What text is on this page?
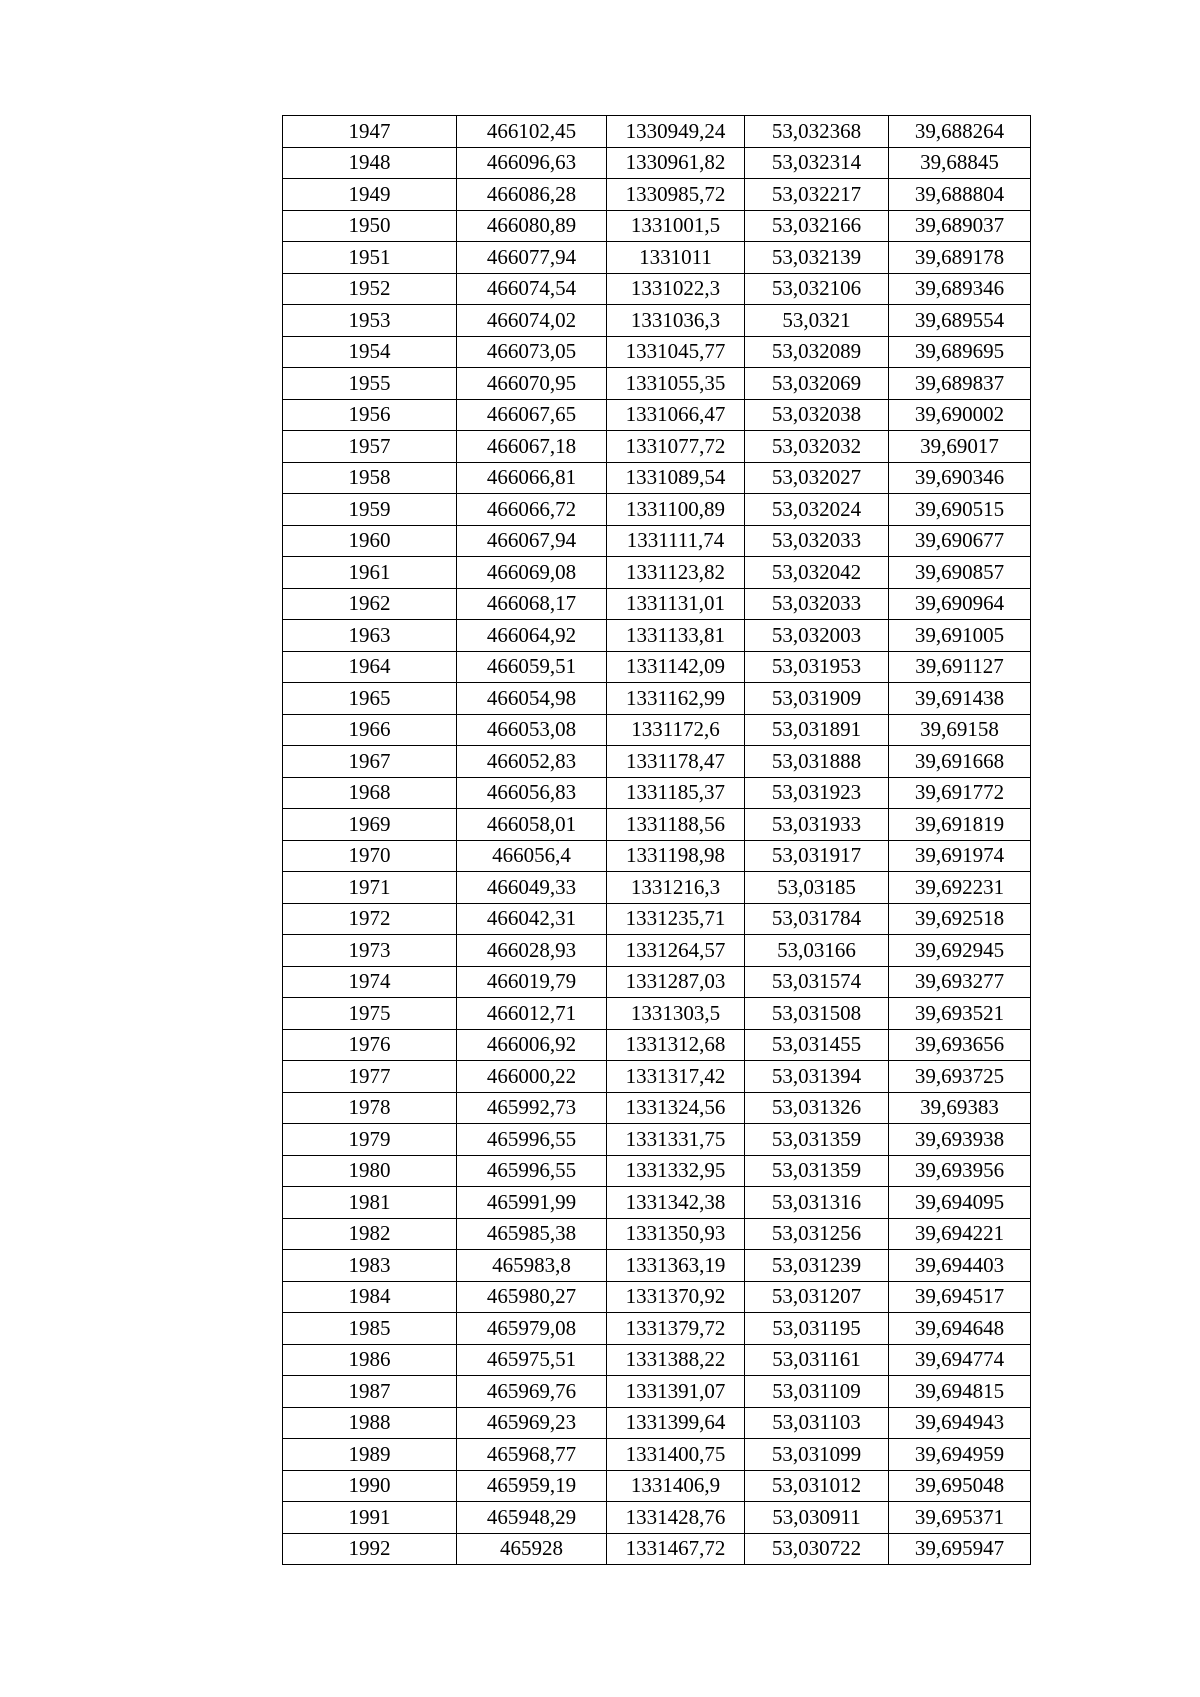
1947	466102,45	1330949,24	53,032368	39,688264
1948	466096,63	1330961,82	53,032314	39,68845
1949	466086,28	1330985,72	53,032217	39,688804
1950	466080,89	1331001,5	53,032166	39,689037
1951	466077,94	1331011	53,032139	39,689178
1952	466074,54	1331022,3	53,032106	39,689346
1953	466074,02	1331036,3	53,0321	39,689554
1954	466073,05	1331045,77	53,032089	39,689695
1955	466070,95	1331055,35	53,032069	39,689837
1956	466067,65	1331066,47	53,032038	39,690002
1957	466067,18	1331077,72	53,032032	39,69017
1958	466066,81	1331089,54	53,032027	39,690346
1959	466066,72	1331100,89	53,032024	39,690515
1960	466067,94	1331111,74	53,032033	39,690677
1961	466069,08	1331123,82	53,032042	39,690857
1962	466068,17	1331131,01	53,032033	39,690964
1963	466064,92	1331133,81	53,032003	39,691005
1964	466059,51	1331142,09	53,031953	39,691127
1965	466054,98	1331162,99	53,031909	39,691438
1966	466053,08	1331172,6	53,031891	39,69158
1967	466052,83	1331178,47	53,031888	39,691668
1968	466056,83	1331185,37	53,031923	39,691772
1969	466058,01	1331188,56	53,031933	39,691819
1970	466056,4	1331198,98	53,031917	39,691974
1971	466049,33	1331216,3	53,03185	39,692231
1972	466042,31	1331235,71	53,031784	39,692518
1973	466028,93	1331264,57	53,03166	39,692945
1974	466019,79	1331287,03	53,031574	39,693277
1975	466012,71	1331303,5	53,031508	39,693521
1976	466006,92	1331312,68	53,031455	39,693656
1977	466000,22	1331317,42	53,031394	39,693725
1978	465992,73	1331324,56	53,031326	39,69383
1979	465996,55	1331331,75	53,031359	39,693938
1980	465996,55	1331332,95	53,031359	39,693956
1981	465991,99	1331342,38	53,031316	39,694095
1982	465985,38	1331350,93	53,031256	39,694221
1983	465983,8	1331363,19	53,031239	39,694403
1984	465980,27	1331370,92	53,031207	39,694517
1985	465979,08	1331379,72	53,031195	39,694648
1986	465975,51	1331388,22	53,031161	39,694774
1987	465969,76	1331391,07	53,031109	39,694815
1988	465969,23	1331399,64	53,031103	39,694943
1989	465968,77	1331400,75	53,031099	39,694959
1990	465959,19	1331406,9	53,031012	39,695048
1991	465948,29	1331428,76	53,030911	39,695371
1992	465928	1331467,72	53,030722	39,695947
